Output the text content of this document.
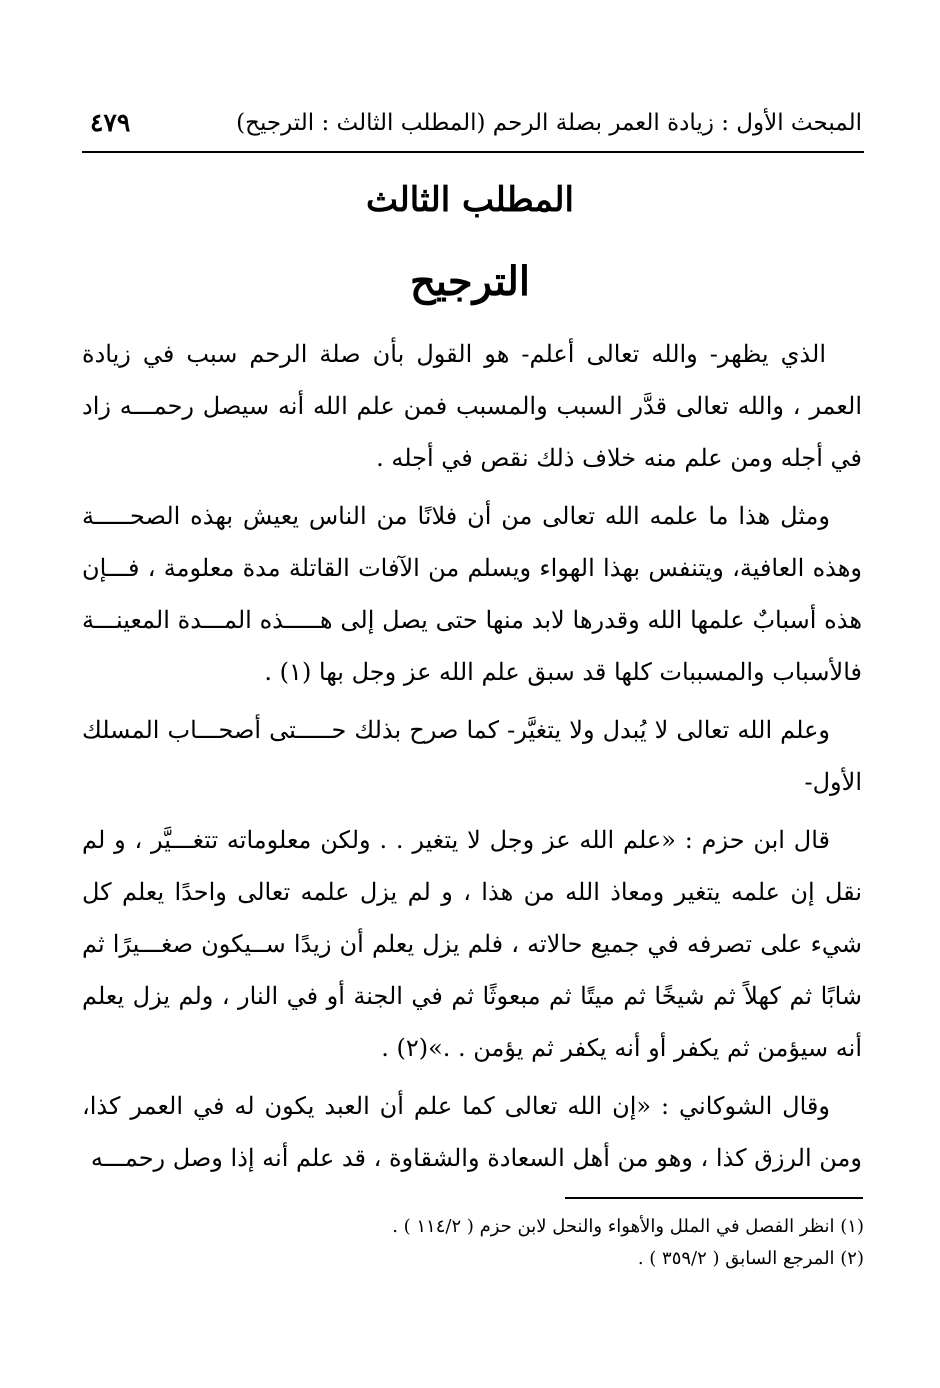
المبحث الأول : زيادة العمر بصلة الرحم (المطلب الثالث : الترجيح)
٤٧٩
المطلب الثالث
الترجيح

الذي يظهر- والله تعالى أعلم- هو القول بأن صلة الرحم سبب في زيادة العمر ، والله تعالى قدَّر السبب والمسبب فمن علم الله أنه سيصل رحمـــه زاد في أجله ومن علم منه خلاف ذلك نقص في أجله .

ومثل هذا ما علمه الله تعالى من أن فلانًا من الناس يعيش بهذه الصحـــــة وهذه العافية، ويتنفس بهذا الهواء ويسلم من الآفات القاتلة مدة معلومة ، فـــإن هذه أسبابٌ علمها الله وقدرها لابد منها حتى يصل إلى هـــــذه المـــدة المعينـــة فالأسباب والمسببات كلها قد سبق علم الله عز وجل بها (١) .

وعلم الله تعالى لا يُبدل ولا يتغيَّر- كما صرح بذلك حـــــتى أصحـــاب المسلك الأول-

قال ابن حزم : «علم الله عز وجل لا يتغير . . ولكن معلوماته تتغـــيَّر ، و لم نقل إن علمه يتغير ومعاذ الله من هذا ، و لم يزل علمه تعالى واحدًا يعلم كل شيء على تصرفه في جميع حالاته ، فلم يزل يعلم أن زيدًا ســيكون صغـــيرًا ثم شابًا ثم كهلاً ثم شيخًا ثم ميتًا ثم مبعوثًا ثم في الجنة أو في النار ، ولم يزل يعلم أنه سيؤمن ثم يكفر أو أنه يكفر ثم يؤمن . .»(٢) .

وقال الشوكاني : «إن الله تعالى كما علم أن العبد يكون له في العمر كذا، ومن الرزق كذا ، وهو من أهل السعادة والشقاوة ، قد علم أنه إذا وصل رحمـــه

(١) انظر الفصل في الملل والأهواء والنحل لابن حزم ( ١١٤/٢ ) .
(٢) المرجع السابق ( ٣٥٩/٢ ) .
